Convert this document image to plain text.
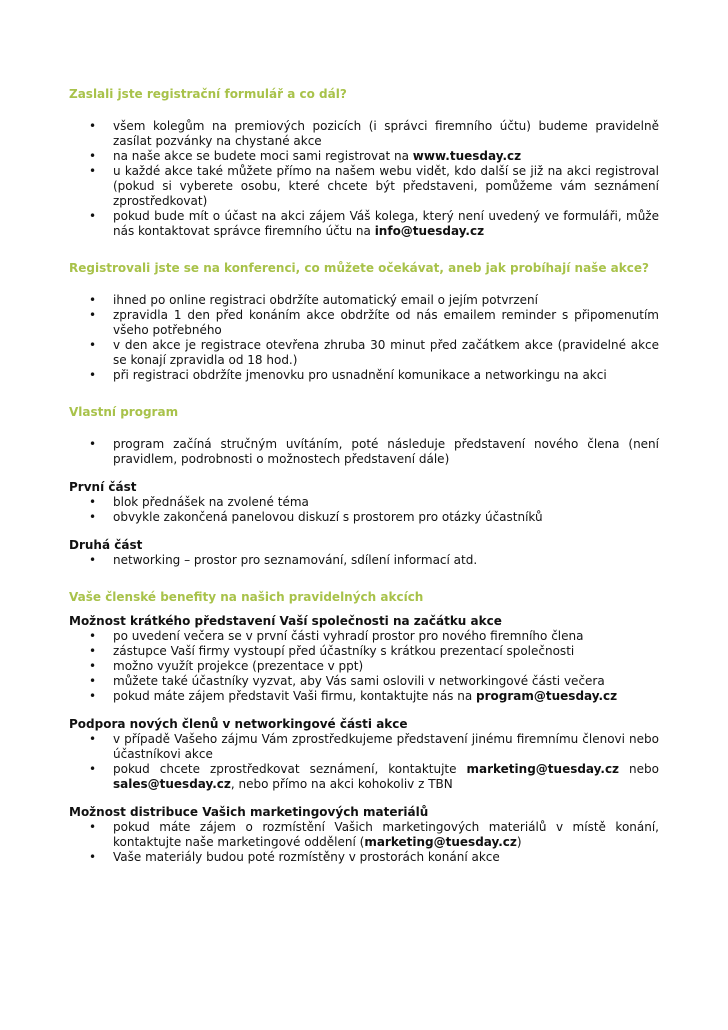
Zaslali jste registrační formulář a co dál?

• všem kolegům na premiových pozicích (i správci firemního účtu) budeme pravidelně zasílat pozvánky na chystané akce
• na naše akce se budete moci sami registrovat na www.tuesday.cz
• u každé akce také můžete přímo na našem webu vidět, kdo další se již na akci registroval (pokud si vyberete osobu, které chcete být představeni, pomůžeme vám seznámení zprostředkovat)
• pokud bude mít o účast na akci zájem Váš kolega, který není uvedený ve formuláři, může nás kontaktovat správce firemního účtu na info@tuesday.cz

Registrovali jste se na konferenci, co můžete očekávat, aneb jak probíhají naše akce?

• ihned po online registraci obdržíte automatický email o jejím potvrzení
• zpravidla 1 den před konáním akce obdržíte od nás emailem reminder s připomenutím všeho potřebného
• v den akce je registrace otevřena zhruba 30 minut před začátkem akce (pravidelné akce se konají zpravidla od 18 hod.)
• při registraci obdržíte jmenovku pro usnadnění komunikace a networkingu na akci

Vlastní program

• program začíná stručným uvítáním, poté následuje představení nového člena (není pravidlem, podrobnosti o možnostech představení dále)

První část

• blok přednášek na zvolené téma
• obvykle zakončená panelovou diskuzí s prostorem pro otázky účastníků

Druhá část

• networking – prostor pro seznamování, sdílení informací atd.

Vaše členské benefity na našich pravidelných akcích

Možnost krátkého představení Vaší společnosti na začátku akce

• po uvedení večera se v první části vyhradí prostor pro nového firemního člena
• zástupce Vaší firmy vystoupí před účastníky s krátkou prezentací společnosti
• možno využít projekce (prezentace v ppt)
• můžete také účastníky vyzvat, aby Vás sami oslovili v networkingové části večera
• pokud máte zájem představit Vaši firmu, kontaktujte nás na program@tuesday.cz

Podpora nových členů v networkingové části akce

• v případě Vašeho zájmu Vám zprostředkujeme představení jinému firemnímu členovi nebo účastníkovi akce
• pokud chcete zprostředkovat seznámení, kontaktujte marketing@tuesday.cz nebo sales@tuesday.cz, nebo přímo na akci kohokoliv z TBN

Možnost distribuce Vašich marketingových materiálů

• pokud máte zájem o rozmístění Vašich marketingových materiálů v místě konání, kontaktujte naše marketingové oddělení (marketing@tuesday.cz)
• Vaše materiály budou poté rozmístěny v prostorách konání akce
